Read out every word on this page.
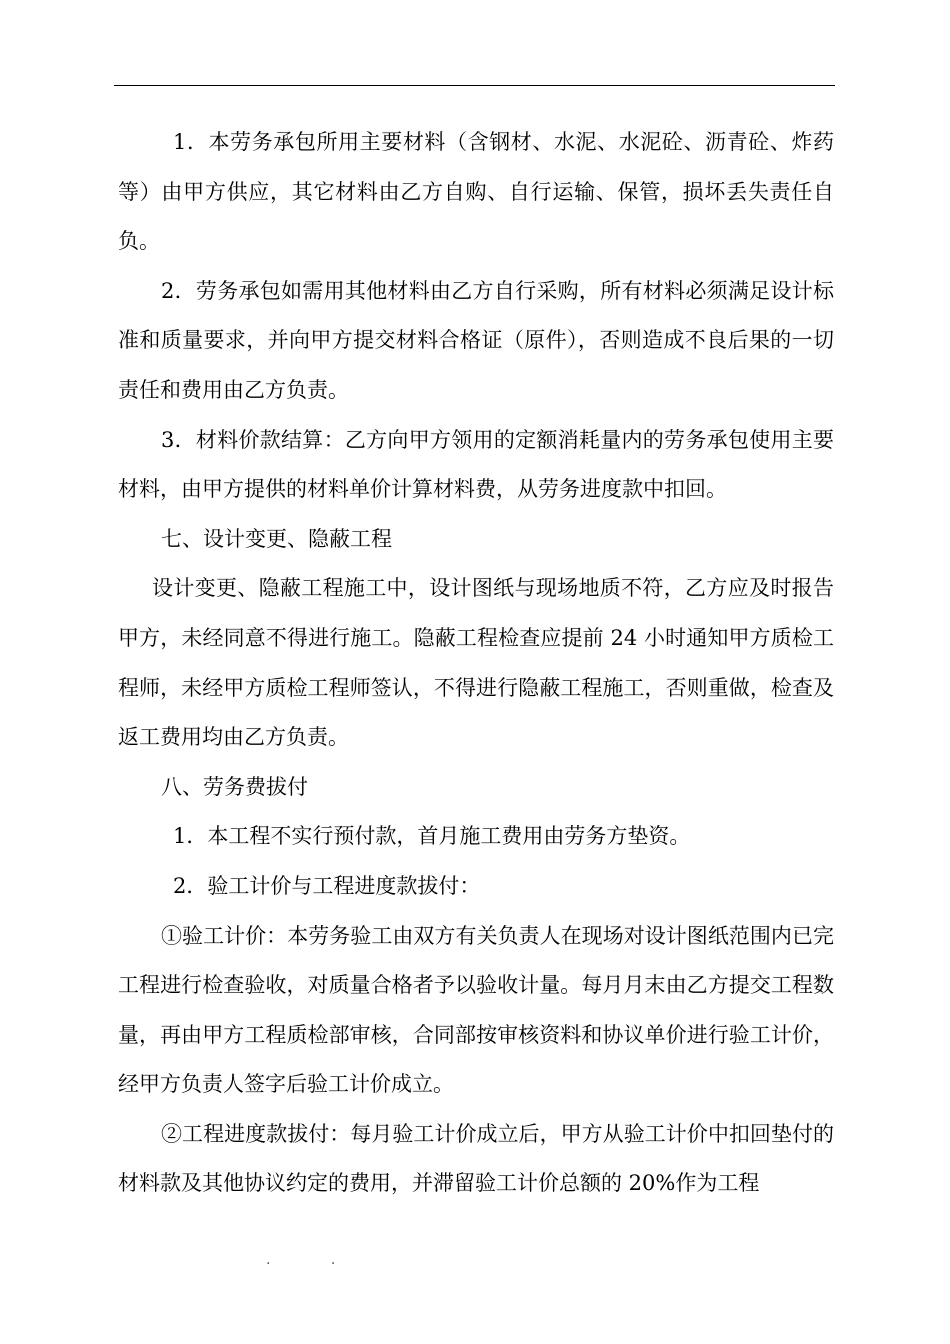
1．本劳务承包所用主要材料（含钢材、水泥、水泥砼、沥青砼、炸药等）由甲方供应，其它材料由乙方自购、自行运输、保管，损坏丢失责任自负。

2．劳务承包如需用其他材料由乙方自行采购，所有材料必须满足设计标准和质量要求，并向甲方提交材料合格证（原件），否则造成不良后果的一切责任和费用由乙方负责。

3．材料价款结算：乙方向甲方领用的定额消耗量内的劳务承包使用主要材料，由甲方提供的材料单价计算材料费，从劳务进度款中扣回。

七、设计变更、隐蔽工程

设计变更、隐蔽工程施工中，设计图纸与现场地质不符，乙方应及时报告甲方，未经同意不得进行施工。隐蔽工程检查应提前 24 小时通知甲方质检工程师，未经甲方质检工程师签认，不得进行隐蔽工程施工，否则重做，检查及返工费用均由乙方负责。

八、劳务费拔付

1．本工程不实行预付款，首月施工费用由劳务方垫资。

2．验工计价与工程进度款拔付：

①验工计价：本劳务验工由双方有关负责人在现场对设计图纸范围内已完工程进行检查验收，对质量合格者予以验收计量。每月月末由乙方提交工程数量，再由甲方工程质检部审核，合同部按审核资料和协议单价进行验工计价，经甲方负责人签字后验工计价成立。

②工程进度款拔付：每月验工计价成立后，甲方从验工计价中扣回垫付的材料款及其他协议约定的费用，并滞留验工计价总额的 20%作为工程

. .
